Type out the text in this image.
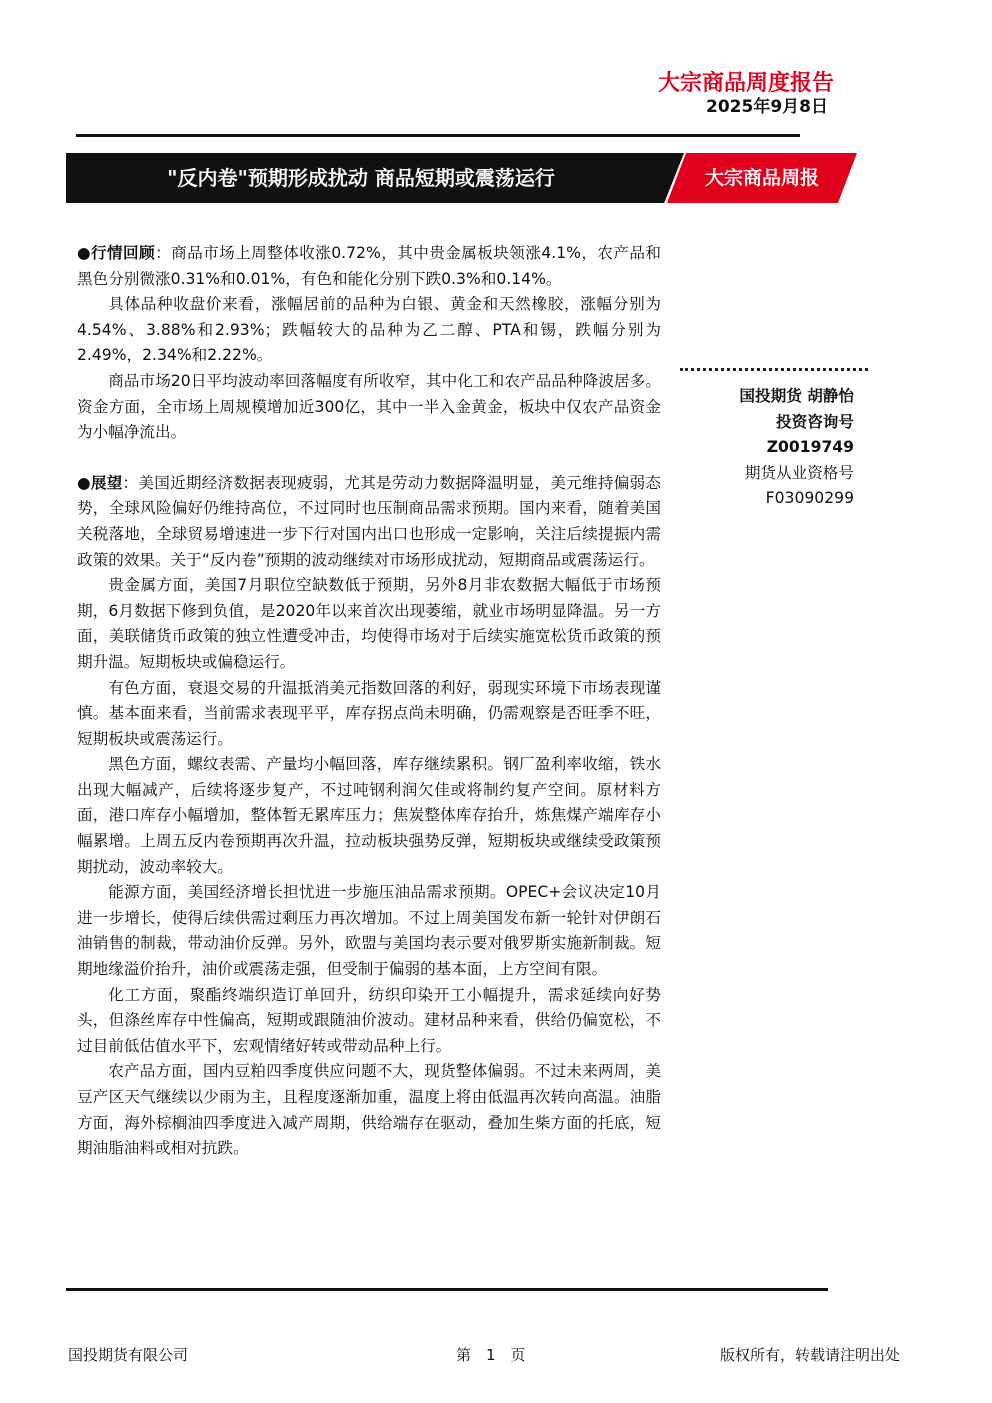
大宗商品周度报告
2025年9月8日
"反内卷"预期形成扰动 商品短期或震荡运行	大宗商品周报

●行情回顾：商品市场上周整体收涨0.72%，其中贵金属板块领涨4.1%，农产品和黑色分别微涨0.31%和0.01%，有色和能化分别下跌0.3%和0.14%。

具体品种收盘价来看，涨幅居前的品种为白银、黄金和天然橡胶，涨幅分别为4.54%、3.88%和2.93%；跌幅较大的品种为乙二醇、PTA和锡，跌幅分别为2.49%，2.34%和2.22%。

商品市场20日平均波动率回落幅度有所收窄，其中化工和农产品品种降波居多。资金方面，全市场上周规模增加近300亿，其中一半入金黄金，板块中仅农产品资金为小幅净流出。

●展望：美国近期经济数据表现疲弱，尤其是劳动力数据降温明显，美元维持偏弱态势，全球风险偏好仍维持高位，不过同时也压制商品需求预期。国内来看，随着美国关税落地，全球贸易增速进一步下行对国内出口也形成一定影响，关注后续提振内需政策的效果。关于“反内卷”预期的波动继续对市场形成扰动，短期商品或震荡运行。

贵金属方面，美国7月职位空缺数低于预期，另外8月非农数据大幅低于市场预期，6月数据下修到负值，是2020年以来首次出现萎缩，就业市场明显降温。另一方面，美联储货币政策的独立性遭受冲击，均使得市场对于后续实施宽松货币政策的预期升温。短期板块或偏稳运行。

有色方面，衰退交易的升温抵消美元指数回落的利好，弱现实环境下市场表现谨慎。基本面来看，当前需求表现平平，库存拐点尚未明确，仍需观察是否旺季不旺，短期板块或震荡运行。

黑色方面，螺纹表需、产量均小幅回落，库存继续累积。钢厂盈利率收缩，铁水出现大幅减产，后续将逐步复产，不过吨钢利润欠佳或将制约复产空间。原材料方面，港口库存小幅增加，整体暂无累库压力；焦炭整体库存抬升，炼焦煤产端库存小幅累增。上周五反内卷预期再次升温，拉动板块强势反弹，短期板块或继续受政策预期扰动，波动率较大。

能源方面，美国经济增长担忧进一步施压油品需求预期。OPEC+会议决定10月进一步增长，使得后续供需过剩压力再次增加。不过上周美国发布新一轮针对伊朗石油销售的制裁，带动油价反弹。另外，欧盟与美国均表示要对俄罗斯实施新制裁。短期地缘溢价抬升，油价或震荡走强，但受制于偏弱的基本面，上方空间有限。

化工方面，聚酯终端织造订单回升，纺织印染开工小幅提升，需求延续向好势头，但涤丝库存中性偏高，短期或跟随油价波动。建材品种来看，供给仍偏宽松，不过目前低估值水平下，宏观情绪好转或带动品种上行。

农产品方面，国内豆粕四季度供应问题不大，现货整体偏弱。不过未来两周，美豆产区天气继续以少雨为主，且程度逐渐加重，温度上将由低温再次转向高温。油脂方面，海外棕榈油四季度进入减产周期，供给端存在驱动，叠加生柴方面的托底，短期油脂油料或相对抗跌。

国投期货 胡静怡
投资咨询号
Z0019749
期货从业资格号
F03090299
国投期货有限公司	第　1　页	版权所有，转载请注明出处
